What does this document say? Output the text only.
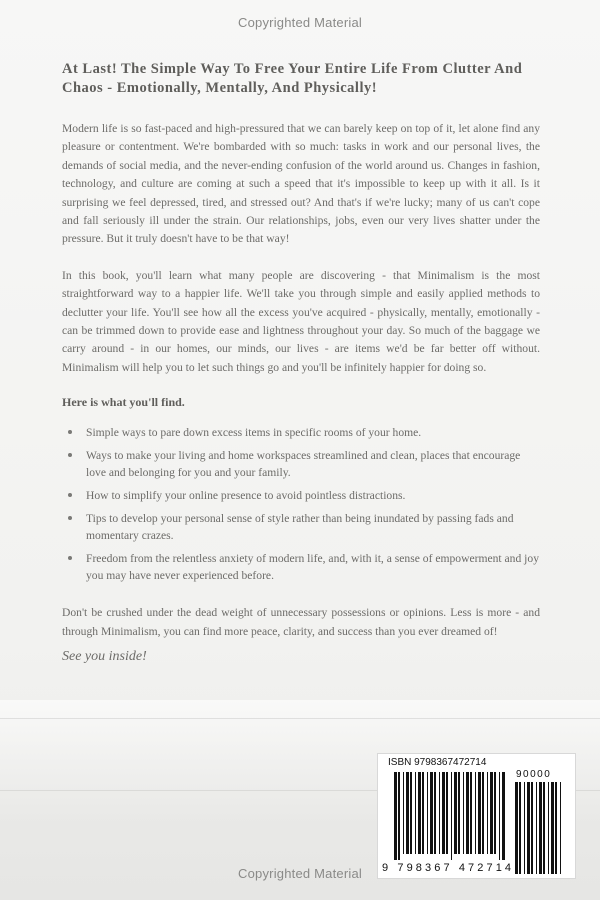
Copyrighted Material
At Last! The Simple Way To Free Your Entire Life From Clutter And Chaos - Emotionally, Mentally, And Physically!

Modern life is so fast-paced and high-pressured that we can barely keep on top of it, let alone find any pleasure or contentment. We're bombarded with so much: tasks in work and our personal lives, the demands of social media, and the never-ending confusion of the world around us. Changes in fashion, technology, and culture are coming at such a speed that it's impossible to keep up with it all. Is it surprising we feel depressed, tired, and stressed out? And that's if we're lucky; many of us can't cope and fall seriously ill under the strain. Our relationships, jobs, even our very lives shatter under the pressure. But it truly doesn't have to be that way!

In this book, you'll learn what many people are discovering - that Minimalism is the most straightforward way to a happier life. We'll take you through simple and easily applied methods to declutter your life. You'll see how all the excess you've acquired - physically, mentally, emotionally - can be trimmed down to provide ease and lightness throughout your day. So much of the baggage we carry around - in our homes, our minds, our lives - are items we'd be far better off without. Minimalism will help you to let such things go and you'll be infinitely happier for doing so.

Here is what you'll find.

Simple ways to pare down excess items in specific rooms of your home.
Ways to make your living and home workspaces streamlined and clean, places that encourage love and belonging for you and your family.
How to simplify your online presence to avoid pointless distractions.
Tips to develop your personal sense of style rather than being inundated by passing fads and momentary crazes.
Freedom from the relentless anxiety of modern life, and, with it, a sense of empowerment and joy you may have never experienced before.

Don't be crushed under the dead weight of unnecessary possessions or opinions. Less is more - and through Minimalism, you can find more peace, clarity, and success than you ever dreamed of!

See you inside!

ISBN 9798367472714
90000
9 798367 472714
Copyrighted Material
